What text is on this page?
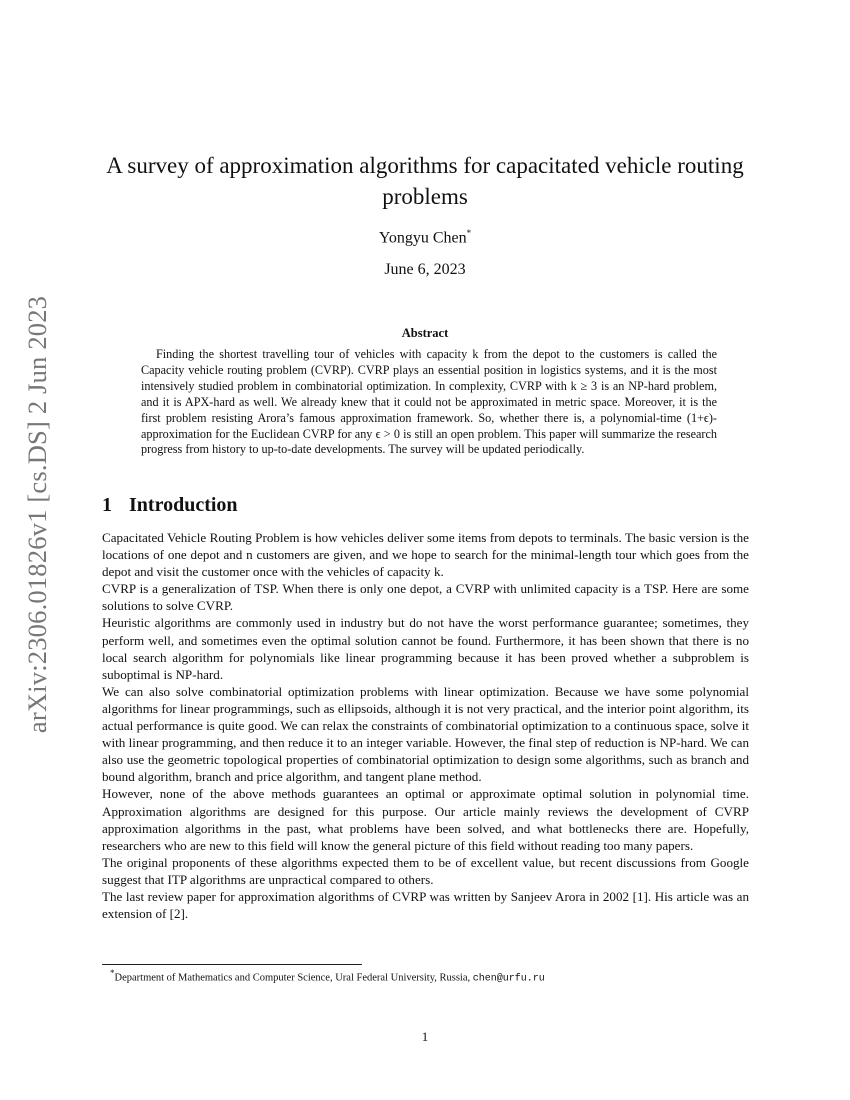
arXiv:2306.01826v1 [cs.DS] 2 Jun 2023
A survey of approximation algorithms for capacitated vehicle routing problems
Yongyu Chen*
June 6, 2023
Abstract

Finding the shortest travelling tour of vehicles with capacity k from the depot to the customers is called the Capacity vehicle routing problem (CVRP). CVRP plays an essential position in logistics systems, and it is the most intensively studied problem in combinatorial optimization. In complexity, CVRP with k ≥ 3 is an NP-hard problem, and it is APX-hard as well. We already knew that it could not be approximated in metric space. Moreover, it is the first problem resisting Arora’s famous approximation framework. So, whether there is, a polynomial-time (1+ϵ)-approximation for the Euclidean CVRP for any ϵ > 0 is still an open problem. This paper will summarize the research progress from history to up-to-date developments. The survey will be updated periodically.

1 Introduction

Capacitated Vehicle Routing Problem is how vehicles deliver some items from depots to terminals. The basic version is the locations of one depot and n customers are given, and we hope to search for the minimal-length tour which goes from the depot and visit the customer once with the vehicles of capacity k.

CVRP is a generalization of TSP. When there is only one depot, a CVRP with unlimited capacity is a TSP. Here are some solutions to solve CVRP.

Heuristic algorithms are commonly used in industry but do not have the worst performance guarantee; sometimes, they perform well, and sometimes even the optimal solution cannot be found. Furthermore, it has been shown that there is no local search algorithm for polynomials like linear programming because it has been proved whether a subproblem is suboptimal is NP-hard.

We can also solve combinatorial optimization problems with linear optimization. Because we have some polynomial algorithms for linear programmings, such as ellipsoids, although it is not very practical, and the interior point algorithm, its actual performance is quite good. We can relax the constraints of combinatorial optimization to a continuous space, solve it with linear programming, and then reduce it to an integer variable. However, the final step of reduction is NP-hard. We can also use the geometric topological properties of combinatorial optimization to design some algorithms, such as branch and bound algorithm, branch and price algorithm, and tangent plane method.

However, none of the above methods guarantees an optimal or approximate optimal solution in polynomial time. Approximation algorithms are designed for this purpose. Our article mainly reviews the development of CVRP approximation algorithms in the past, what problems have been solved, and what bottlenecks there are. Hopefully, researchers who are new to this field will know the general picture of this field without reading too many papers.

The original proponents of these algorithms expected them to be of excellent value, but recent discussions from Google suggest that ITP algorithms are unpractical compared to others.

The last review paper for approximation algorithms of CVRP was written by Sanjeev Arora in 2002 [1]. His article was an extension of [2].

*Department of Mathematics and Computer Science, Ural Federal University, Russia, chen@urfu.ru
1
